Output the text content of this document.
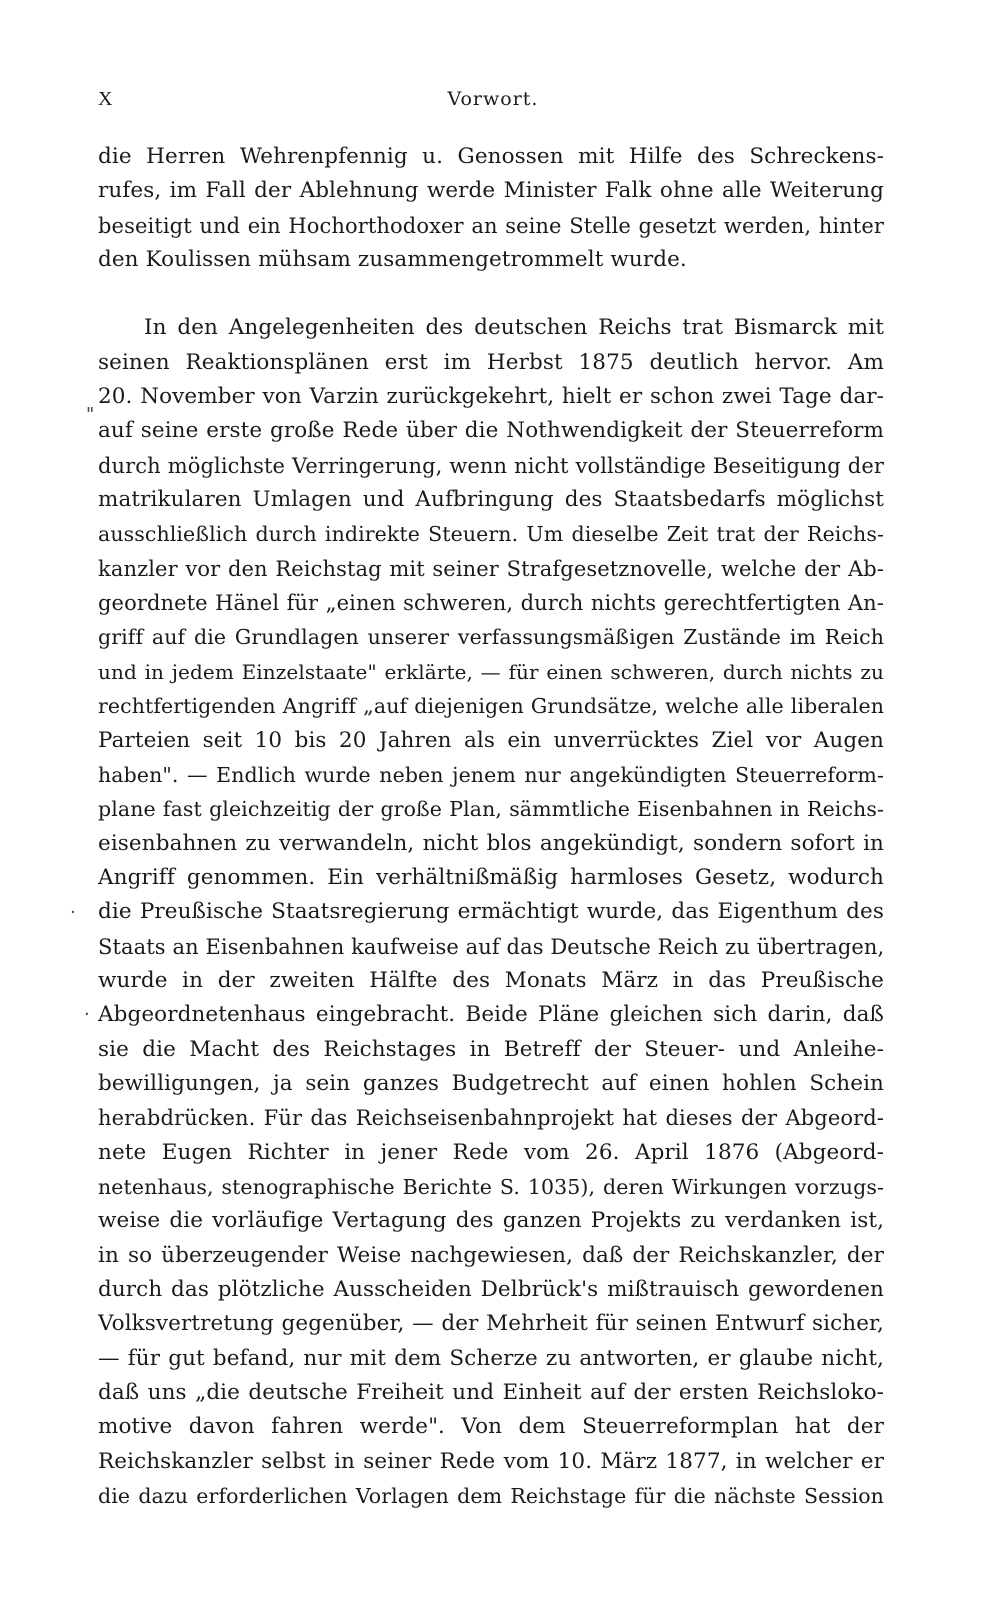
X	Vorwort.
die Herren Wehrenpfennig u. Genossen mit Hilfe des Schreckens-
rufes, im Fall der Ablehnung werde Minister Falk ohne alle Weiterung
beseitigt und ein Hochorthodoxer an seine Stelle gesetzt werden, hinter
den Koulissen mühsam zusammengetrommelt wurde.
In den Angelegenheiten des deutschen Reichs trat Bismarck mit
seinen Reaktionsplänen erst im Herbst 1875 deutlich hervor. Am
20. November von Varzin zurückgekehrt, hielt er schon zwei Tage dar-
auf seine erste große Rede über die Nothwendigkeit der Steuerreform
durch möglichste Verringerung, wenn nicht vollständige Beseitigung der
matrikularen Umlagen und Aufbringung des Staatsbedarfs möglichst
ausschließlich durch indirekte Steuern. Um dieselbe Zeit trat der Reichs-
kanzler vor den Reichstag mit seiner Strafgesetznovelle, welche der Ab-
geordnete Hänel für „einen schweren, durch nichts gerechtfertigten An-
griff auf die Grundlagen unserer verfassungsmäßigen Zustände im Reich
und in jedem Einzelstaate" erklärte, — für einen schweren, durch nichts zu
rechtfertigenden Angriff „auf diejenigen Grundsätze, welche alle liberalen
Parteien seit 10 bis 20 Jahren als ein unverrücktes Ziel vor Augen
haben". — Endlich wurde neben jenem nur angekündigten Steuerreform-
plane fast gleichzeitig der große Plan, sämmtliche Eisenbahnen in Reichs-
eisenbahnen zu verwandeln, nicht blos angekündigt, sondern sofort in
Angriff genommen. Ein verhältnißmäßig harmloses Gesetz, wodurch
die Preußische Staatsregierung ermächtigt wurde, das Eigenthum des
Staats an Eisenbahnen kaufweise auf das Deutsche Reich zu übertragen,
wurde in der zweiten Hälfte des Monats März in das Preußische
Abgeordnetenhaus eingebracht. Beide Pläne gleichen sich darin, daß
sie die Macht des Reichstages in Betreff der Steuer- und Anleihe-
bewilligungen, ja sein ganzes Budgetrecht auf einen hohlen Schein
herabdrücken. Für das Reichseisenbahnprojekt hat dieses der Abgeord-
nete Eugen Richter in jener Rede vom 26. April 1876 (Abgeord-
netenhaus, stenographische Berichte S. 1035), deren Wirkungen vorzugs-
weise die vorläufige Vertagung des ganzen Projekts zu verdanken ist,
in so überzeugender Weise nachgewiesen, daß der Reichskanzler, der
durch das plötzliche Ausscheiden Delbrück's mißtrauisch gewordenen
Volksvertretung gegenüber, — der Mehrheit für seinen Entwurf sicher,
— für gut befand, nur mit dem Scherze zu antworten, er glaube nicht,
daß uns „die deutsche Freiheit und Einheit auf der ersten Reichsloko-
motive davon fahren werde". Von dem Steuerreformplan hat der
Reichskanzler selbst in seiner Rede vom 10. März 1877, in welcher er
die dazu erforderlichen Vorlagen dem Reichstage für die nächste Session
"
·
·
